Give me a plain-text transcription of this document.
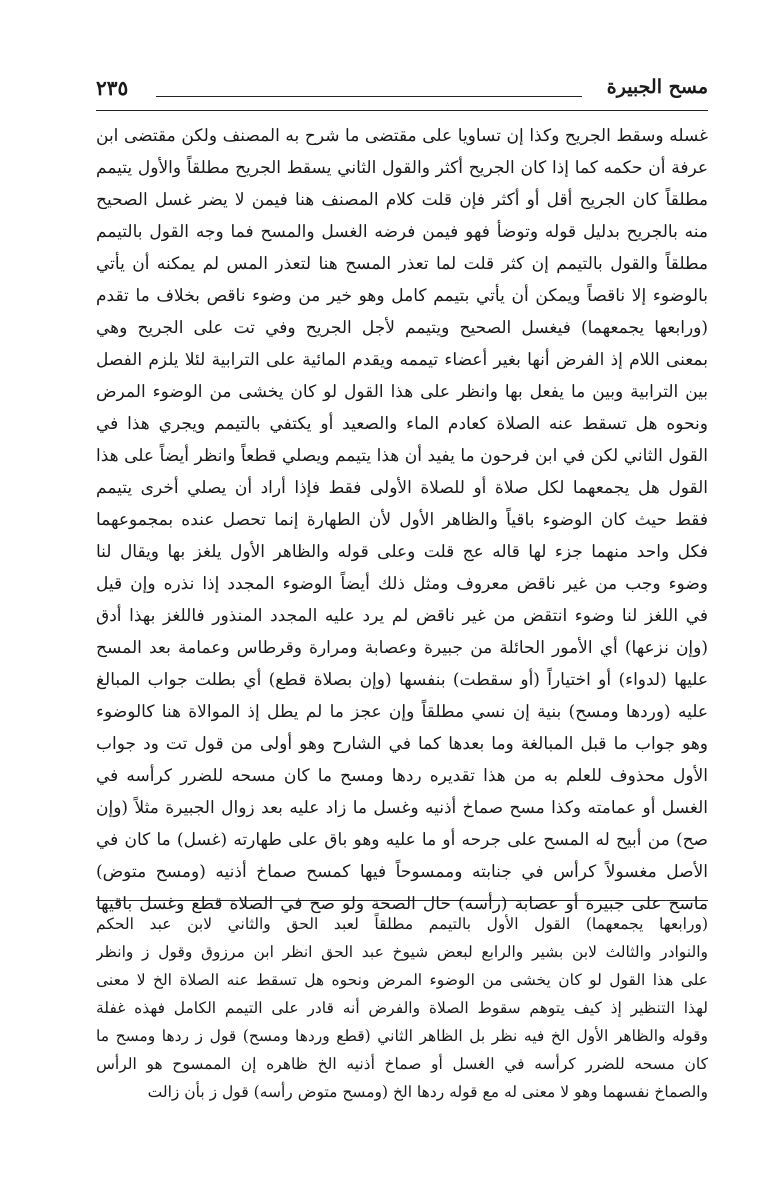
مسح الجبيرة
٢٣٥
غسله وسقط الجريح وكذا إن تساويا على مقتضى ما شرح به المصنف ولكن مقتضى ابن
عرفة أن حكمه كما إذا كان الجريح أكثر والقول الثاني يسقط الجريح مطلقاً والأول يتيمم
مطلقاً كان الجريح أقل أو أكثر فإن قلت كلام المصنف هنا فيمن لا يضر غسل الصحيح
منه بالجريح بدليل قوله وتوضأ فهو فيمن فرضه الغسل والمسح فما وجه القول بالتيمم
مطلقاً والقول بالتيمم إن كثر قلت لما تعذر المسح هنا لتعذر المس لم يمكنه أن يأتي
بالوضوء إلا ناقصاً ويمكن أن يأتي بتيمم كامل وهو خير من وضوء ناقص بخلاف ما تقدم
(ورابعها يجمعهما) فيغسل الصحيح ويتيمم لأجل الجريح وفي تت على الجريح وهي
بمعنى اللام إذ الفرض أنها بغير أعضاء تيممه ويقدم المائية على الترابية لئلا يلزم الفصل
بين الترابية وبين ما يفعل بها وانظر على هذا القول لو كان يخشى من الوضوء المرض
ونحوه هل تسقط عنه الصلاة كعادم الماء والصعيد أو يكتفي بالتيمم ويجري هذا في
القول الثاني لكن في ابن فرحون ما يفيد أن هذا يتيمم ويصلي قطعاً وانظر أيضاً على هذا
القول هل يجمعهما لكل صلاة أو للصلاة الأولى فقط فإذا أراد أن يصلي أخرى يتيمم
فقط حيث كان الوضوء باقياً والظاهر الأول لأن الطهارة إنما تحصل عنده بمجموعهما
فكل واحد منهما جزء لها قاله عج قلت وعلى قوله والظاهر الأول يلغز بها ويقال لنا
وضوء وجب من غير ناقض معروف ومثل ذلك أيضاً الوضوء المجدد إذا نذره وإن قيل
في اللغز لنا وضوء انتقض من غير ناقض لم يرد عليه المجدد المنذور فاللغز بهذا أدق
(وإن نزعها) أي الأمور الحائلة من جبيرة وعصابة ومرارة وقرطاس وعمامة بعد المسح
عليها (لدواء) أو اختياراً (أو سقطت) بنفسها (وإن بصلاة قطع) أي بطلت جواب المبالغ
عليه (وردها ومسح) بنية إن نسي مطلقاً وإن عجز ما لم يطل إذ الموالاة هنا كالوضوء
وهو جواب ما قبل المبالغة وما بعدها كما في الشارح وهو أولى من قول تت ود جواب
الأول محذوف للعلم به من هذا تقديره ردها ومسح ما كان مسحه للضرر كرأسه في
الغسل أو عمامته وكذا مسح صماخ أذنيه وغسل ما زاد عليه بعد زوال الجبيرة مثلاً (وإن
صح) من أبيح له المسح على جرحه أو ما عليه وهو باق على طهارته (غسل) ما كان في
الأصل مغسولاً كرأس في جنابته وممسوحاً فيها كمسح صماخ أذنيه (ومسح متوض)
ماسح على جبيرة أو عصابة (رأسه) حال الصحة ولو صح في الصلاة قطع وغسل باقيها
(ورابعها يجمعهما) القول الأول بالتيمم مطلقاً لعبد الحق والثاني لابن عبد الحكم
والنوادر والثالث لابن بشير والرابع لبعض شيوخ عبد الحق انظر ابن مرزوق وقول ز وانظر
على هذا القول لو كان يخشى من الوضوء المرض ونحوه هل تسقط عنه الصلاة الخ لا معنى
لهذا التنظير إذ كيف يتوهم سقوط الصلاة والفرض أنه قادر على التيمم الكامل فهذه غفلة
وقوله والظاهر الأول الخ فيه نظر بل الظاهر الثاني (قطع وردها ومسح) قول ز ردها ومسح ما
كان مسحه للضرر كرأسه في الغسل أو صماخ أذنيه الخ ظاهره إن الممسوح هو الرأس
والصماخ نفسهما وهو لا معنى له مع قوله ردها الخ (ومسح متوض رأسه) قول ز بأن زالت
